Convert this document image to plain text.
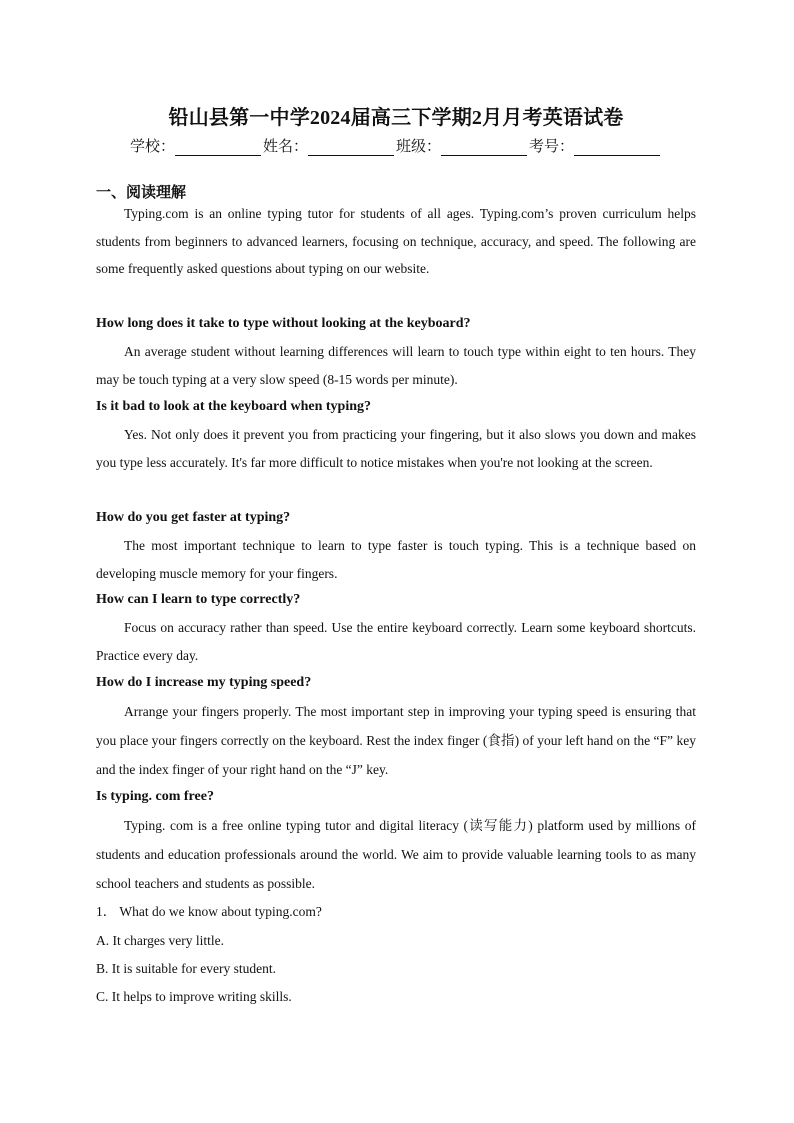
铅山县第一中学2024届高三下学期2月月考英语试卷
学校：	姓名：	班级：	考号：
一、阅读理解

Typing.com is an online typing tutor for students of all ages. Typing.com’s proven curriculum helps students from beginners to advanced learners, focusing on technique, accuracy, and speed. The following are some frequently asked questions about typing on our website.

How long does it take to type without looking at the keyboard?

An average student without learning differences will learn to touch type within eight to ten hours. They may be touch typing at a very slow speed (8-15 words per minute).

Is it bad to look at the keyboard when typing?

Yes. Not only does it prevent you from practicing your fingering, but it also slows you down and makes you type less accurately. It's far more difficult to notice mistakes when you're not looking at the screen.

How do you get faster at typing?

The most important technique to learn to type faster is touch typing. This is a technique based on developing muscle memory for your fingers.

How can I learn to type correctly?

Focus on accuracy rather than speed. Use the entire keyboard correctly. Learn some keyboard shortcuts. Practice every day.

How do I increase my typing speed?

Arrange your fingers properly. The most important step in improving your typing speed is ensuring that you place your fingers correctly on the keyboard. Rest the index finger (食指) of your left hand on the “F” key and the index finger of your right hand on the “J” key.

Is typing. com free?

Typing. com is a free online typing tutor and digital literacy (读写能力) platform used by millions of students and education professionals around the world. We aim to provide valuable learning tools to as many school teachers and students as possible.

1． What do we know about typing.com?

A. It charges very little.

B. It is suitable for every student.

C. It helps to improve writing skills.
